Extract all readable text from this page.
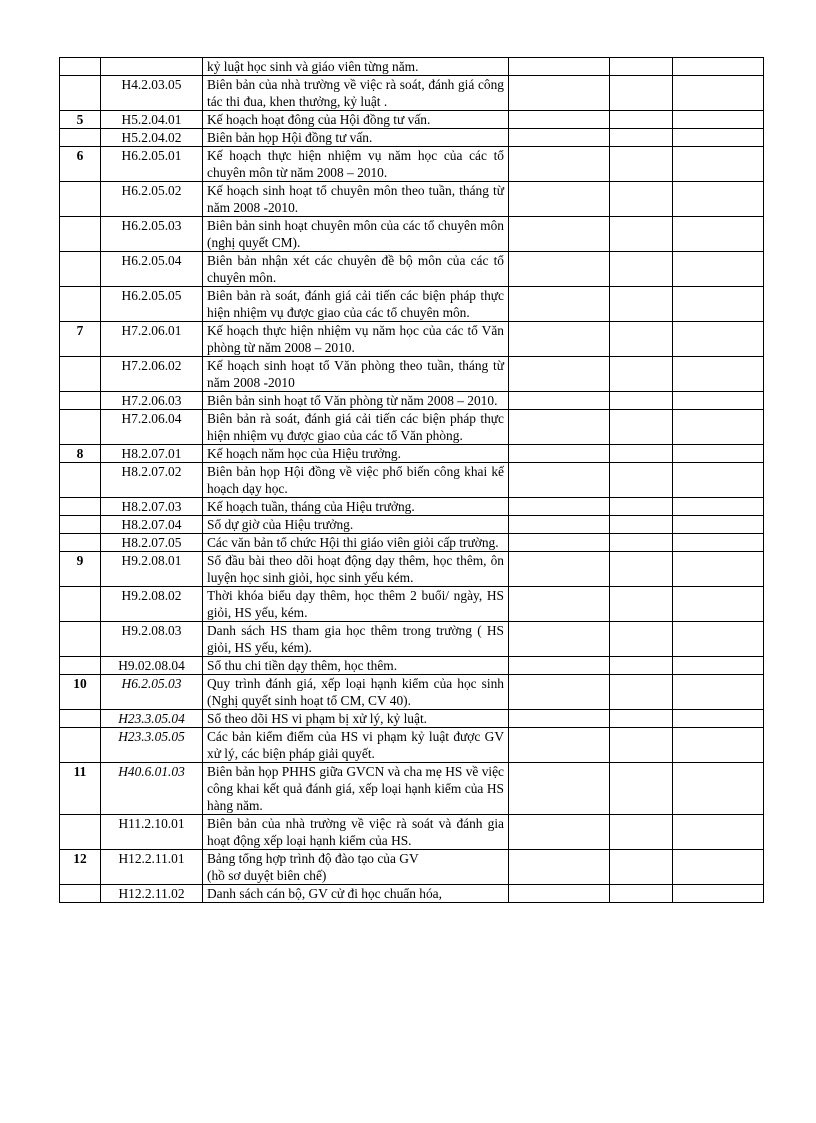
		kỷ luật học sinh và giáo viên từng năm.			
	H4.2.03.05	Biên bản của nhà trường về việc rà soát, đánh giá công tác thi đua, khen thưởng, kỷ luật .			
5	H5.2.04.01	Kế hoạch hoạt đông của Hội đồng tư vấn.			
	H5.2.04.02	Biên bản họp Hội đồng tư vấn.			
6	H6.2.05.01	Kế hoạch thực hiện nhiệm vụ năm học của các tổ chuyên môn từ năm 2008 – 2010.			
	H6.2.05.02	Kế hoạch sinh hoạt tổ chuyên môn theo tuần, tháng từ năm 2008 -2010.			
	H6.2.05.03	Biên bản sinh hoạt chuyên môn của các tổ chuyên môn (nghị quyết CM).			
	H6.2.05.04	Biên bản nhận xét các chuyên đề bộ môn của các tổ chuyên môn.			
	H6.2.05.05	Biên bản rà soát, đánh giá cải tiến các biện pháp thực hiện nhiệm vụ được giao của các tổ chuyên môn.			
7	H7.2.06.01	Kế hoạch thực hiện nhiệm vụ năm học của các tổ Văn phòng từ năm 2008 – 2010.			
	H7.2.06.02	Kế hoạch sinh hoạt tổ Văn phòng theo tuần, tháng từ năm 2008 -2010			
	H7.2.06.03	Biên bản sinh hoạt tổ Văn phòng từ năm 2008 – 2010.			
	H7.2.06.04	Biên bản rà soát, đánh giá cải tiến các biện pháp thực hiện nhiệm vụ được giao của các tổ Văn phòng.			
8	H8.2.07.01	Kế hoạch năm học của Hiệu trưởng.			
	H8.2.07.02	Biên bản họp Hội đồng về việc phổ biến công khai kế hoạch dạy học.			
	H8.2.07.03	Kế hoạch tuần, tháng của Hiệu trưởng.			
	H8.2.07.04	Sổ dự giờ của Hiệu trưởng.			
	H8.2.07.05	Các văn bản tổ chức Hội thi giáo viên giỏi cấp trường.			
9	H9.2.08.01	Sổ đầu bài theo dõi hoạt động dạy thêm, học thêm, ôn luyện học sinh giỏi, học sinh yếu kém.			
	H9.2.08.02	Thời khóa biểu dạy thêm, học thêm 2 buổi/ ngày, HS giỏi, HS yếu, kém.			
	H9.2.08.03	Danh sách HS tham gia học thêm trong trường ( HS giỏi, HS yếu, kém).			
	H9.02.08.04	Sổ thu chi tiền dạy thêm, học thêm.			
10	H6.2.05.03	Quy trình đánh giá, xếp loại hạnh kiểm của học sinh (Nghị quyết sinh hoạt tổ CM, CV 40).			
	H23.3.05.04	Sổ theo dõi HS vi phạm bị xử lý, kỷ luật.			
	H23.3.05.05	Các bản kiểm điểm của HS vi phạm kỷ luật được GV xử lý, các biện pháp giải quyết.			
11	H40.6.01.03	Biên bản họp PHHS giữa GVCN và cha mẹ HS về việc công khai kết quả đánh giá, xếp loại hạnh kiểm của HS hàng năm.			
	H11.2.10.01	Biên bản của nhà trường về việc rà soát và đánh gia hoạt động xếp loại hạnh kiểm của HS.			
12	H12.2.11.01	Bảng tổng hợp trình độ đào tạo của GV
(hồ sơ duyệt biên chế)			
	H12.2.11.02	Danh sách cán bộ, GV cử đi học chuẩn hóa,			
